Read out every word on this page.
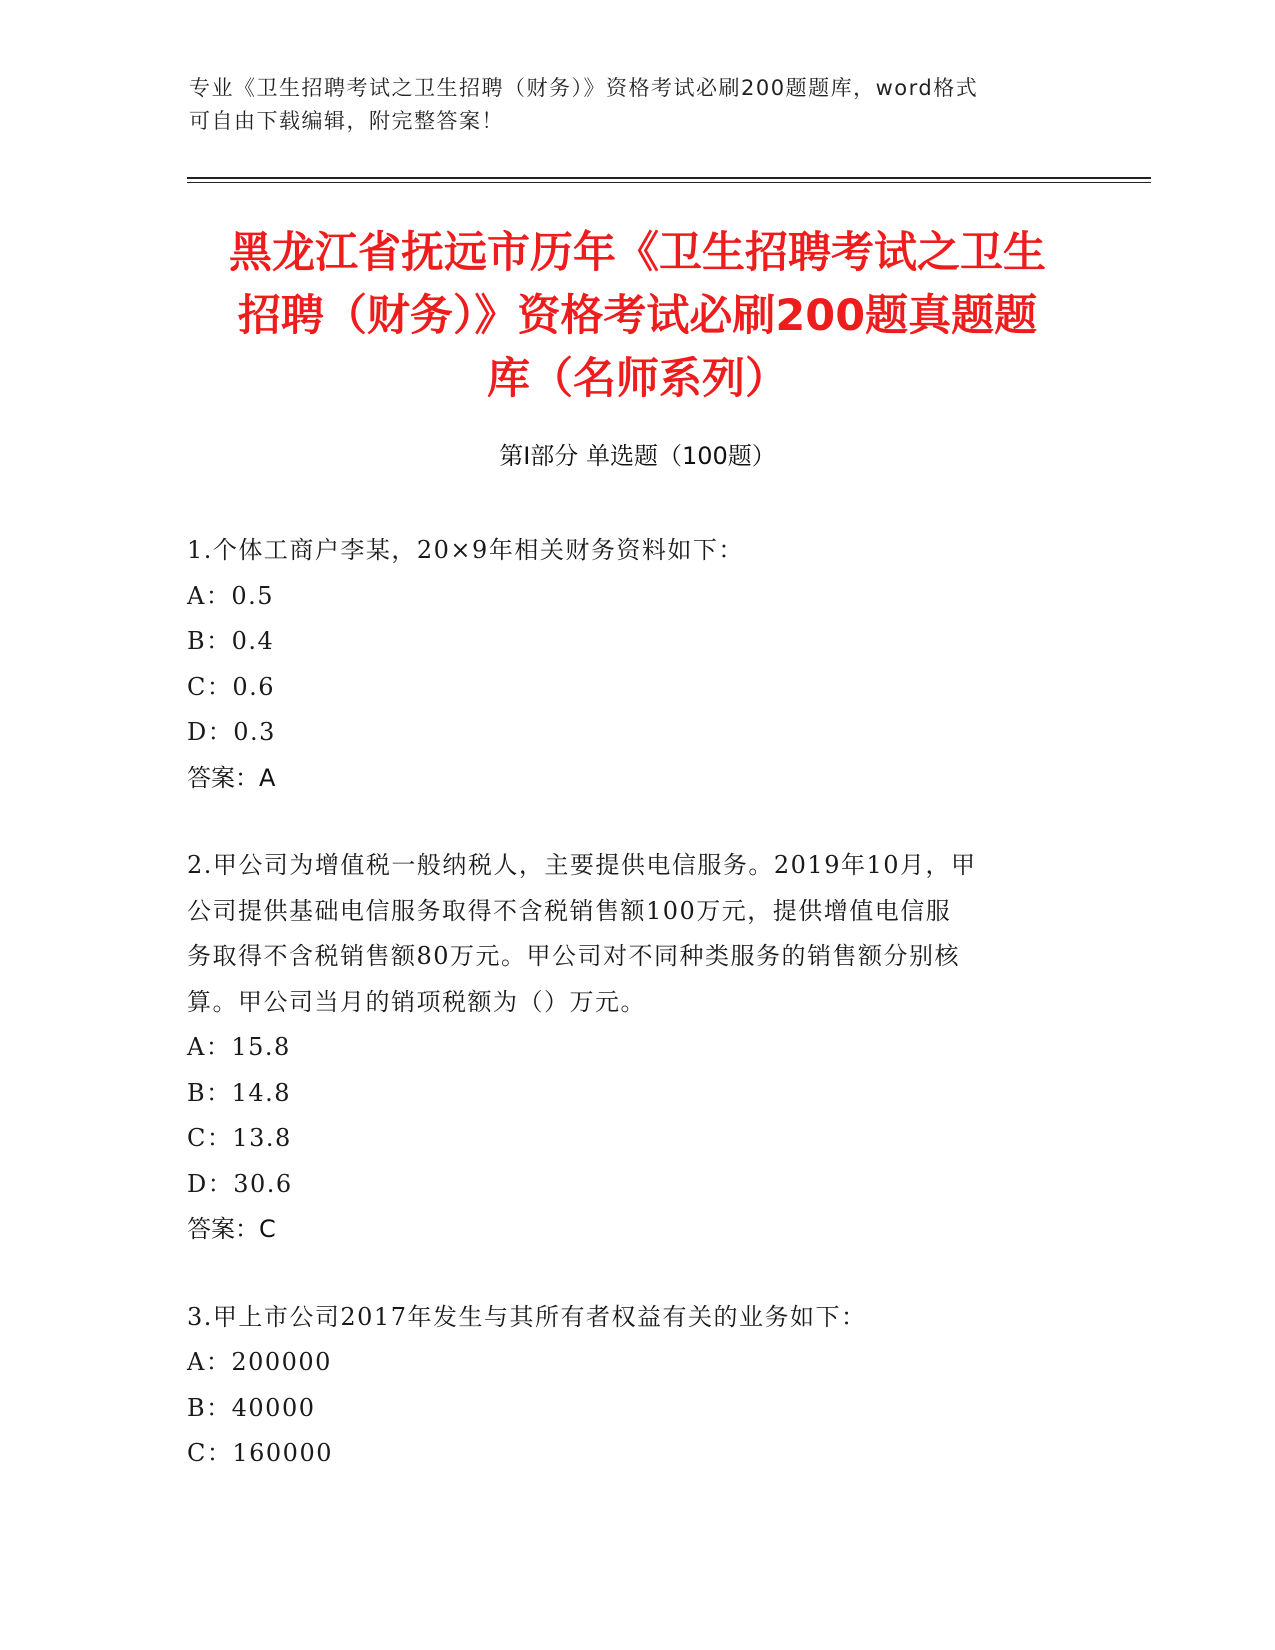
专业《卫生招聘考试之卫生招聘（财务）》资格考试必刷200题题库，word格式
可自由下载编辑，附完整答案！
黑龙江省抚远市历年《卫生招聘考试之卫生
招聘（财务）》资格考试必刷200题真题题
库（名师系列）
第Ⅰ部分 单选题（100题）
1.个体工商户李某，20×9年相关财务资料如下：
A：0.5
B：0.4
C：0.6
D：0.3
答案：A
2.甲公司为增值税一般纳税人，主要提供电信服务。2019年10月，甲
公司提供基础电信服务取得不含税销售额100万元，提供增值电信服
务取得不含税销售额80万元。甲公司对不同种类服务的销售额分别核
算。甲公司当月的销项税额为（）万元。
A：15.8
B：14.8
C：13.8
D：30.6
答案：C
3.甲上市公司2017年发生与其所有者权益有关的业务如下：
A：200000
B：40000
C：160000
